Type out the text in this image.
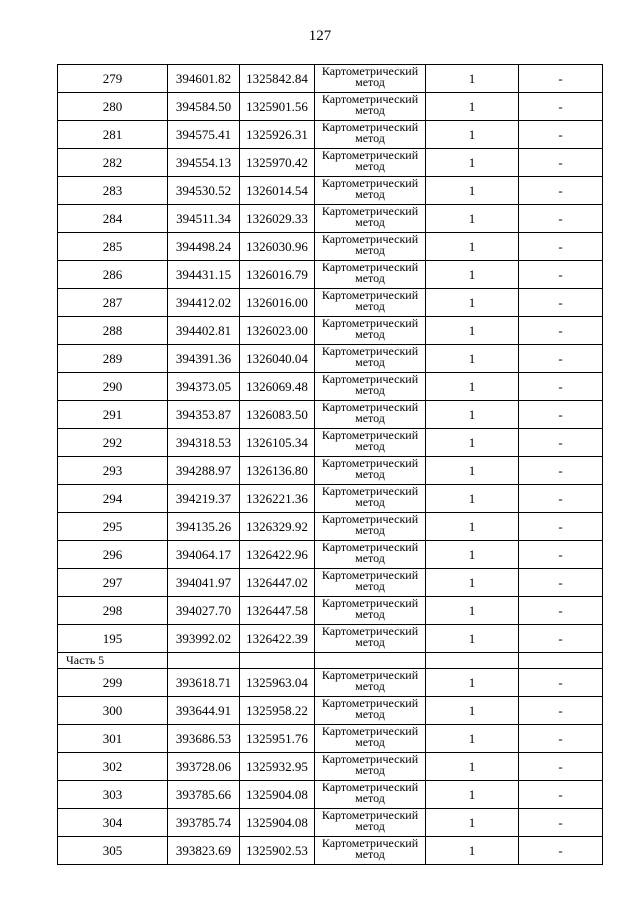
127
279	394601.82	1325842.84	Картометрический метод	1	-
280	394584.50	1325901.56	Картометрический метод	1	-
281	394575.41	1325926.31	Картометрический метод	1	-
282	394554.13	1325970.42	Картометрический метод	1	-
283	394530.52	1326014.54	Картометрический метод	1	-
284	394511.34	1326029.33	Картометрический метод	1	-
285	394498.24	1326030.96	Картометрический метод	1	-
286	394431.15	1326016.79	Картометрический метод	1	-
287	394412.02	1326016.00	Картометрический метод	1	-
288	394402.81	1326023.00	Картометрический метод	1	-
289	394391.36	1326040.04	Картометрический метод	1	-
290	394373.05	1326069.48	Картометрический метод	1	-
291	394353.87	1326083.50	Картометрический метод	1	-
292	394318.53	1326105.34	Картометрический метод	1	-
293	394288.97	1326136.80	Картометрический метод	1	-
294	394219.37	1326221.36	Картометрический метод	1	-
295	394135.26	1326329.92	Картометрический метод	1	-
296	394064.17	1326422.96	Картометрический метод	1	-
297	394041.97	1326447.02	Картометрический метод	1	-
298	394027.70	1326447.58	Картометрический метод	1	-
195	393992.02	1326422.39	Картометрический метод	1	-
Часть 5					
299	393618.71	1325963.04	Картометрический метод	1	-
300	393644.91	1325958.22	Картометрический метод	1	-
301	393686.53	1325951.76	Картометрический метод	1	-
302	393728.06	1325932.95	Картометрический метод	1	-
303	393785.66	1325904.08	Картометрический метод	1	-
304	393785.74	1325904.08	Картометрический метод	1	-
305	393823.69	1325902.53	Картометрический метод	1	-
